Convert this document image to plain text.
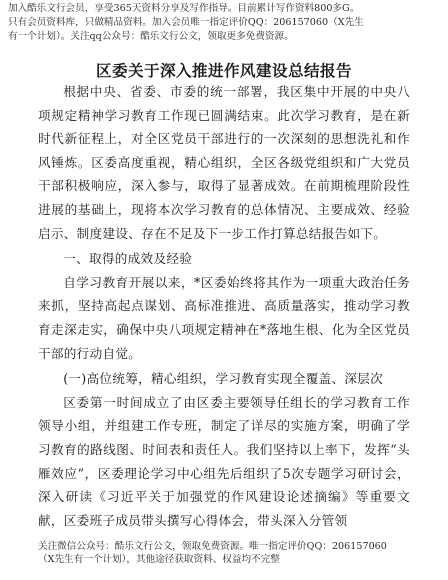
加入酷乐文行会员，享受365天资料分享及写作指导。目前累计写作资料800多G。
只有会员资料库，只做精品资料。加入会员唯一指定评价QQ：206157060（X先生
有一个计划）。关注qq公众号：酷乐文行公文，领取更多免费资源。
区委关于深入推进作风建设总结报告

根据中央、省委、市委的统一部署，我区集中开展的中央八项规定精神学习教育工作现已圆满结束。此次学习教育，是在新时代新征程上，对全区党员干部进行的一次深刻的思想洗礼和作风锤炼。区委高度重视，精心组织，全区各级党组织和广大党员干部积极响应，深入参与，取得了显著成效。在前期梳理阶段性进展的基础上，现将本次学习教育的总体情况、主要成效、经验启示、制度建设、存在不足及下一步工作打算总结报告如下。

一、取得的成效及经验

自学习教育开展以来，*区委始终将其作为一项重大政治任务来抓，坚持高起点谋划、高标准推进、高质量落实，推动学习教育走深走实，确保中央八项规定精神在*落地生根、化为全区党员干部的行动自觉。

(一)高位统筹，精心组织，学习教育实现全覆盖、深层次

区委第一时间成立了由区委主要领导任组长的学习教育工作领导小组，并组建工作专班，制定了详尽的实施方案，明确了学习教育的路线图、时间表和责任人。我们坚持以上率下，发挥“头雁效应”，区委理论学习中心组先后组织了5次专题学习研讨会，深入研读《习近平关于加强党的作风建设论述摘编》等重要文献，区委班子成员带头撰写心得体会，带头深入分管领

关注微信公众号：酷乐文行公文，领取免费资源。唯一指定评价QQ：206157060
（X先生有一个计划），其他途径获取资料、权益均不完整
